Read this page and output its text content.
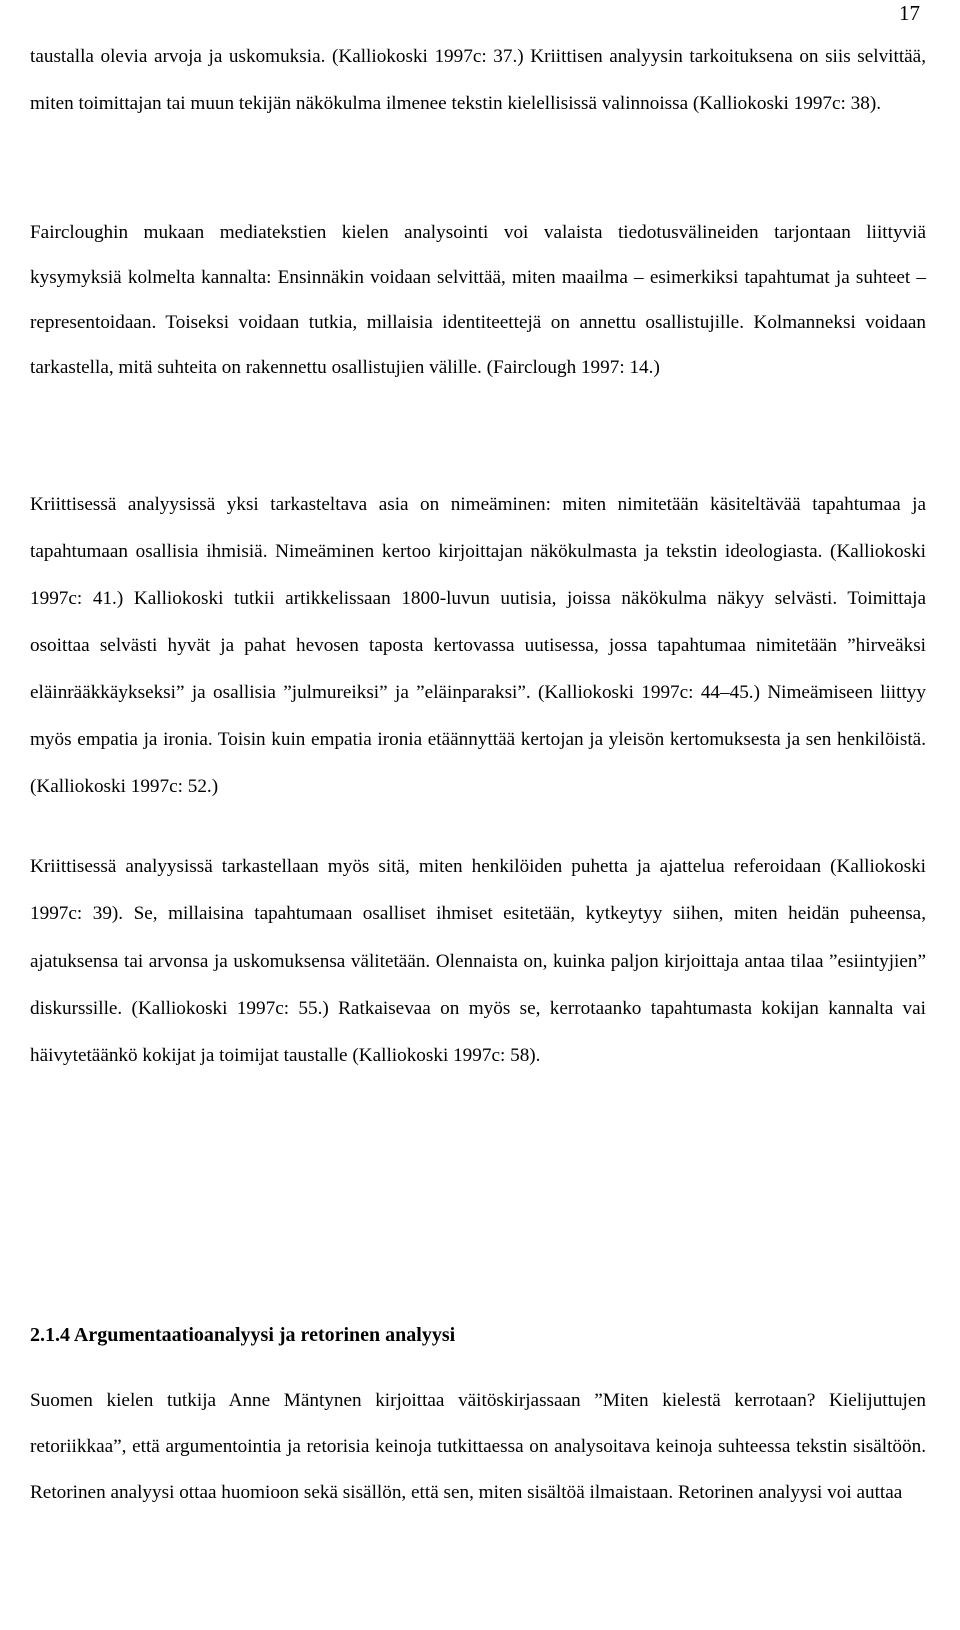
17

taustalla olevia arvoja ja uskomuksia. (Kalliokoski 1997c: 37.) Kriittisen analyysin tarkoituksena on siis selvittää, miten toimittajan tai muun tekijän näkökulma ilmenee tekstin kielellisissä valinnoissa (Kalliokoski 1997c: 38).

Faircloughin mukaan mediatekstien kielen analysointi voi valaista tiedotusvälineiden tarjontaan liittyviä kysymyksiä kolmelta kannalta: Ensinnäkin voidaan selvittää, miten maailma – esimerkiksi tapahtumat ja suhteet – representoidaan. Toiseksi voidaan tutkia, millaisia identiteettejä on annettu osallistujille. Kolmanneksi voidaan tarkastella, mitä suhteita on rakennettu osallistujien välille. (Fairclough 1997: 14.)

Kriittisessä analyysissä yksi tarkasteltava asia on nimeäminen: miten nimitetään käsiteltävää tapahtumaa ja tapahtumaan osallisia ihmisiä. Nimeäminen kertoo kirjoittajan näkökulmasta ja tekstin ideologiasta. (Kalliokoski 1997c: 41.) Kalliokoski tutkii artikkelissaan 1800-luvun uutisia, joissa näkökulma näkyy selvästi. Toimittaja osoittaa selvästi hyvät ja pahat hevosen taposta kertovassa uutisessa, jossa tapahtumaa nimitetään ”hirveäksi eläinrääkkäykseksi” ja osallisia ”julmureiksi” ja ”eläinparaksi”. (Kalliokoski 1997c: 44–45.) Nimeämiseen liittyy myös empatia ja ironia. Toisin kuin empatia ironia etäännyttää kertojan ja yleisön kertomuksesta ja sen henkilöistä. (Kalliokoski 1997c: 52.)

Kriittisessä analyysissä tarkastellaan myös sitä, miten henkilöiden puhetta ja ajattelua referoidaan (Kalliokoski 1997c: 39). Se, millaisina tapahtumaan osalliset ihmiset esitetään, kytkeytyy siihen, miten heidän puheensa, ajatuksensa tai arvonsa ja uskomuksensa välitetään. Olennaista on, kuinka paljon kirjoittaja antaa tilaa ”esiintyjien” diskurssille. (Kalliokoski 1997c: 55.) Ratkaisevaa on myös se, kerrotaanko tapahtumasta kokijan kannalta vai häivytetäänkö kokijat ja toimijat taustalle (Kalliokoski 1997c: 58).

2.1.4 Argumentaatioanalyysi ja retorinen analyysi

Suomen kielen tutkija Anne Mäntynen kirjoittaa väitöskirjassaan ”Miten kielestä kerrotaan? Kielijuttujen retoriikkaa”, että argumentointia ja retorisia keinoja tutkittaessa on analysoitava keinoja suhteessa tekstin sisältöön. Retorinen analyysi ottaa huomioon sekä sisällön, että sen, miten sisältöä ilmaistaan. Retorinen analyysi voi auttaa
